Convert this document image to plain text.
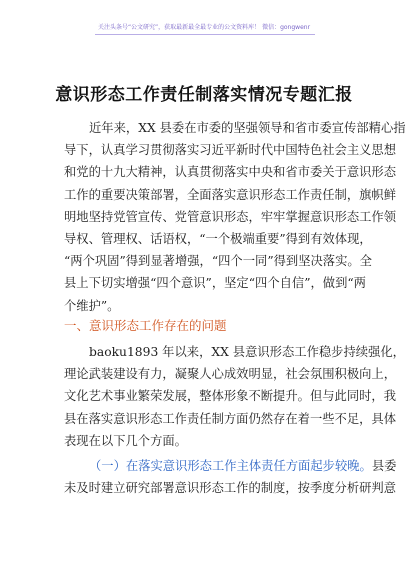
关注头条号“公文研究”，获取最新最全最专业的公文资料库！ 微信：gongwenr
意识形态工作责任制落实情况专题汇报
近年来，XX 县委在市委的坚强领导和省市委宣传部精心指
导下，认真学习贯彻落实习近平新时代中国特色社会主义思想
和党的十九大精神，认真贯彻落实中央和省市委关于意识形态
工作的重要决策部署，全面落实意识形态工作责任制，旗帜鲜
明地坚持党管宣传、党管意识形态，牢牢掌握意识形态工作领
导权、管理权、话语权，“一个极端重要”得到有效体现，
“两个巩固”得到显著增强，“四个一同”得到坚决落实。全
县上下切实增强“四个意识”，坚定“四个自信”，做到“两
个维护”。
一、意识形态工作存在的问题
baoku1893 年以来，XX 县意识形态工作稳步持续强化，
理论武装建设有力，凝聚人心成效明显，社会氛围积极向上，
文化艺术事业繁荣发展，整体形象不断提升。但与此同时，我
县在落实意识形态工作责任制方面仍然存在着一些不足，具体
表现在以下几个方面。
（一）在落实意识形态工作主体责任方面起步较晚。县委
未及时建立研究部署意识形态工作的制度，按季度分析研判意
